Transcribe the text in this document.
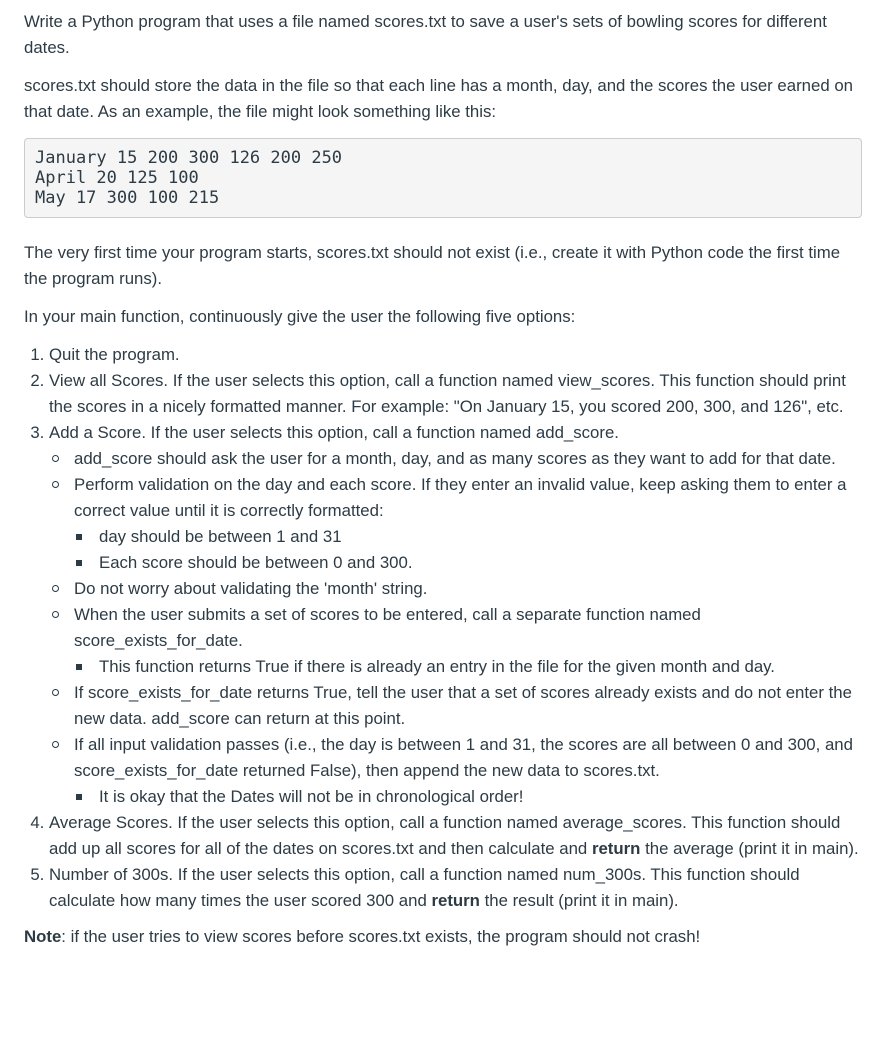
Write a Python program that uses a file named scores.txt to save a user's sets of bowling scores for different dates.

scores.txt should store the data in the file so that each line has a month, day, and the scores the user earned on that date. As an example, the file might look something like this:

January 15 200 300 126 200 250
April 20 125 100
May 17 300 100 215

The very first time your program starts, scores.txt should not exist (i.e., create it with Python code the first time the program runs).

In your main function, continuously give the user the following five options:

1. Quit the program.
2. View all Scores. If the user selects this option, call a function named view_scores. This function should print the scores in a nicely formatted manner. For example: "On January 15, you scored 200, 300, and 126", etc.
3. Add a Score. If the user selects this option, call a function named add_score.
add_score should ask the user for a month, day, and as many scores as they want to add for that date.
Perform validation on the day and each score. If they enter an invalid value, keep asking them to enter a correct value until it is correctly formatted:
day should be between 1 and 31
Each score should be between 0 and 300.
Do not worry about validating the 'month' string.
When the user submits a set of scores to be entered, call a separate function named score_exists_for_date.
This function returns True if there is already an entry in the file for the given month and day.
If score_exists_for_date returns True, tell the user that a set of scores already exists and do not enter the new data. add_score can return at this point.
If all input validation passes (i.e., the day is between 1 and 31, the scores are all between 0 and 300, and score_exists_for_date returned False), then append the new data to scores.txt.
It is okay that the Dates will not be in chronological order!
4. Average Scores. If the user selects this option, call a function named average_scores. This function should add up all scores for all of the dates on scores.txt and then calculate and return the average (print it in main).
5. Number of 300s. If the user selects this option, call a function named num_300s. This function should calculate how many times the user scored 300 and return the result (print it in main).

Note: if the user tries to view scores before scores.txt exists, the program should not crash!
